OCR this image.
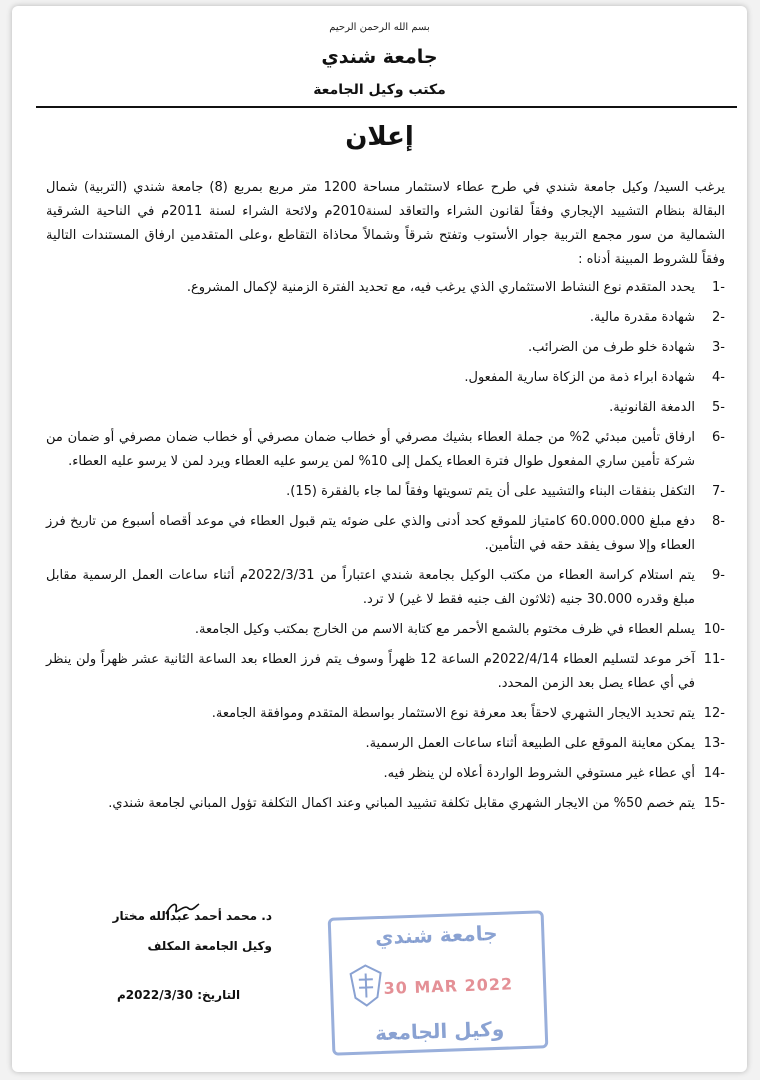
بسم الله الرحمن الرحيم
جامعة شندي
مكتب وكيل الجامعة
إعلان

يرغب السيد/ وكيل جامعة شندي في طرح عطاء لاستثمار مساحة 1200 متر مربع بمربع (8) جامعة شندي (التربية) شمال البقالة بنظام التشييد الإيجاري وفقاً لقانون الشراء والتعاقد لسنة2010م ولائحة الشراء لسنة 2011م في الناحية الشرقية الشمالية من سور مجمع التربية جوار الأستوب وتفتح شرقاً وشمالاً محاذاة التقاطع ،وعلى المتقدمين ارفاق المستندات التالية وفقاً للشروط المبينة أدناه :

-1
يحدد المتقدم نوع النشاط الاستثماري الذي يرغب فيه، مع تحديد الفترة الزمنية لإكمال المشروع.
-2
شهادة مقدرة مالية.
-3
شهادة خلو طرف من الضرائب.
-4
شهادة ابراء ذمة من الزكاة سارية المفعول.
-5
الدمغة القانونية.
-6
ارفاق تأمين مبدئي 2% من جملة العطاء بشيك مصرفي أو خطاب ضمان مصرفي أو خطاب ضمان مصرفي أو ضمان من شركة تأمين ساري المفعول طوال فترة العطاء يكمل إلى 10% لمن يرسو عليه العطاء ويرد لمن لا يرسو عليه العطاء.
-7
التكفل بنفقات البناء والتشييد على أن يتم تسويتها وفقاً لما جاء بالفقرة (15).
-8
دفع مبلغ 60.000.000 كامتياز للموقع كحد أدنى والذي على ضوئه يتم قبول العطاء في موعد أقصاه أسبوع من تاريخ فرز العطاء وإلا سوف يفقد حقه في التأمين.
-9
يتم استلام كراسة العطاء من مكتب الوكيل بجامعة شندي اعتباراً من 2022/3/31م أثناء ساعات العمل الرسمية مقابل مبلغ وقدره 30.000 جنيه (ثلاثون الف جنيه فقط لا غير) لا ترد.
-10
يسلم العطاء في ظرف مختوم بالشمع الأحمر مع كتابة الاسم من الخارج بمكتب وكيل الجامعة.
-11
آخر موعد لتسليم العطاء 2022/4/14م الساعة 12 ظهراً وسوف يتم فرز العطاء بعد الساعة الثانية عشر ظهراً ولن ينظر في أي عطاء يصل بعد الزمن المحدد.
-12
يتم تحديد الايجار الشهري لاحقاً بعد معرفة نوع الاستثمار بواسطة المتقدم وموافقة الجامعة.
-13
يمكن معاينة الموقع على الطبيعة أثناء ساعات العمل الرسمية.
-14
أي عطاء غير مستوفي الشروط الواردة أعلاه لن ينظر فيه.
-15
يتم خصم 50% من الايجار الشهري مقابل تكلفة تشييد المباني وعند اكمال التكلفة تؤول المباني لجامعة شندي.
د. محمد أحمد عبدالله مختار
وكيل الجامعة المكلف
التاريخ: 2022/3/30م
جامعة شندي
30 MAR 2022
وكيل الجامعة
